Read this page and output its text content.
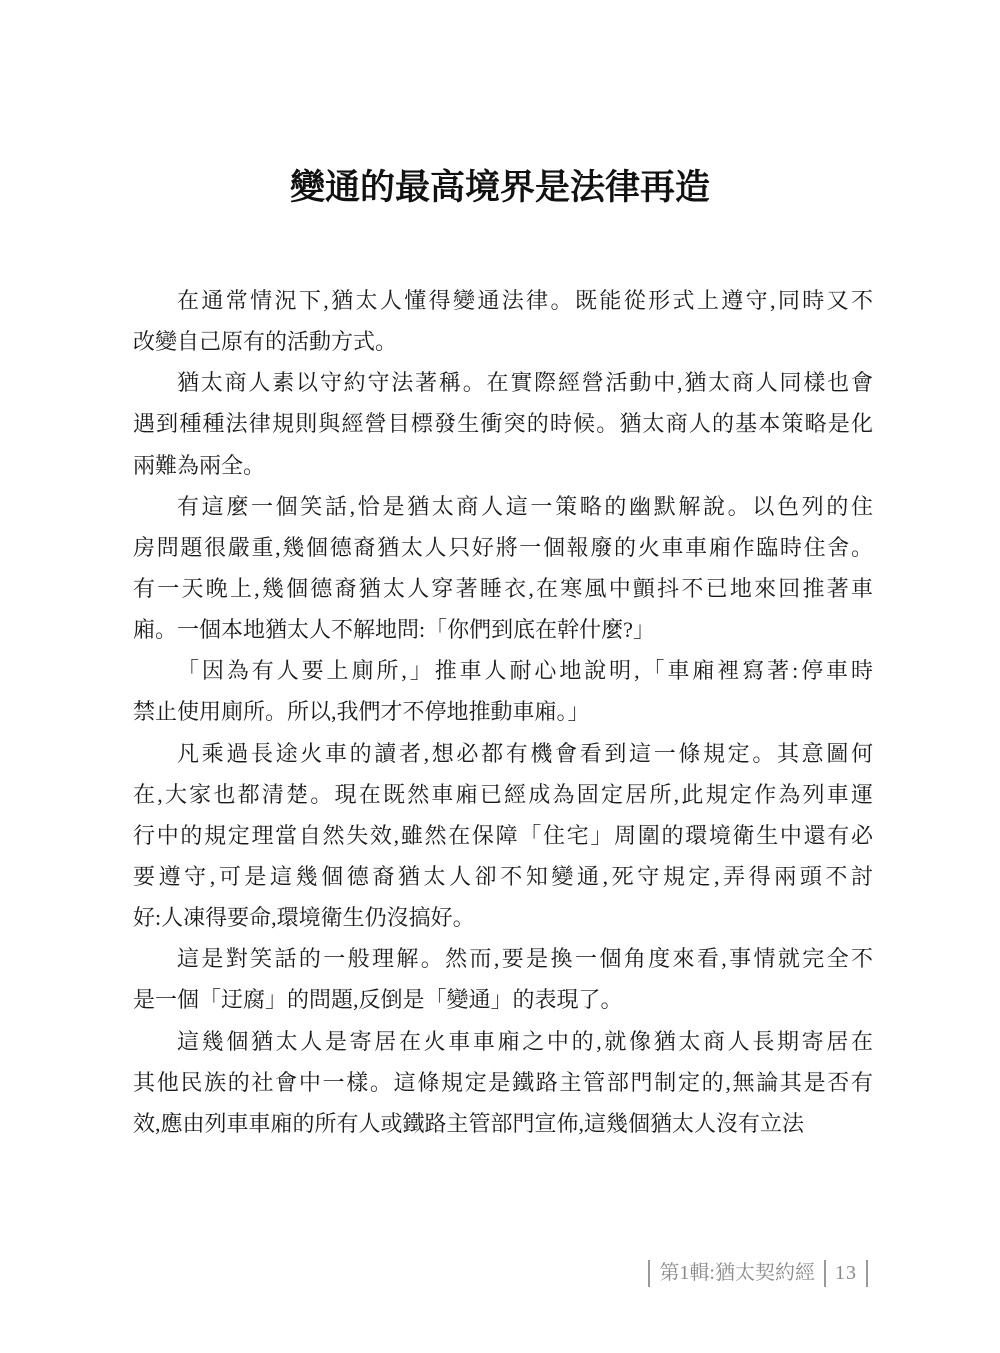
變通的最高境界是法律再造
在通常情況下,猶太人懂得變通法律。既能從形式上遵守,同時又不
改變自己原有的活動方式。
猶太商人素以守約守法著稱。在實際經營活動中,猶太商人同樣也會
遇到種種法律規則與經營目標發生衝突的時候。猶太商人的基本策略是化
兩難為兩全。
有這麼一個笑話,恰是猶太商人這一策略的幽默解說。以色列的住
房問題很嚴重,幾個德裔猶太人只好將一個報廢的火車車廂作臨時住舍。
有一天晚上,幾個德裔猶太人穿著睡衣,在寒風中顫抖不已地來回推著車
廂。一個本地猶太人不解地問:「你們到底在幹什麼?」
「因為有人要上廁所,」推車人耐心地說明,「車廂裡寫著:停車時
禁止使用廁所。所以,我們才不停地推動車廂。」
凡乘過長途火車的讀者,想必都有機會看到這一條規定。其意圖何
在,大家也都清楚。現在既然車廂已經成為固定居所,此規定作為列車運
行中的規定理當自然失效,雖然在保障「住宅」周圍的環境衛生中還有必
要遵守,可是這幾個德裔猶太人卻不知變通,死守規定,弄得兩頭不討
好:人凍得要命,環境衛生仍沒搞好。
這是對笑話的一般理解。然而,要是換一個角度來看,事情就完全不
是一個「迂腐」的問題,反倒是「變通」的表現了。
這幾個猶太人是寄居在火車車廂之中的,就像猶太商人長期寄居在
其他民族的社會中一樣。這條規定是鐵路主管部門制定的,無論其是否有
效,應由列車車廂的所有人或鐵路主管部門宣佈,這幾個猶太人沒有立法
第1輯:猶太契約經 13
